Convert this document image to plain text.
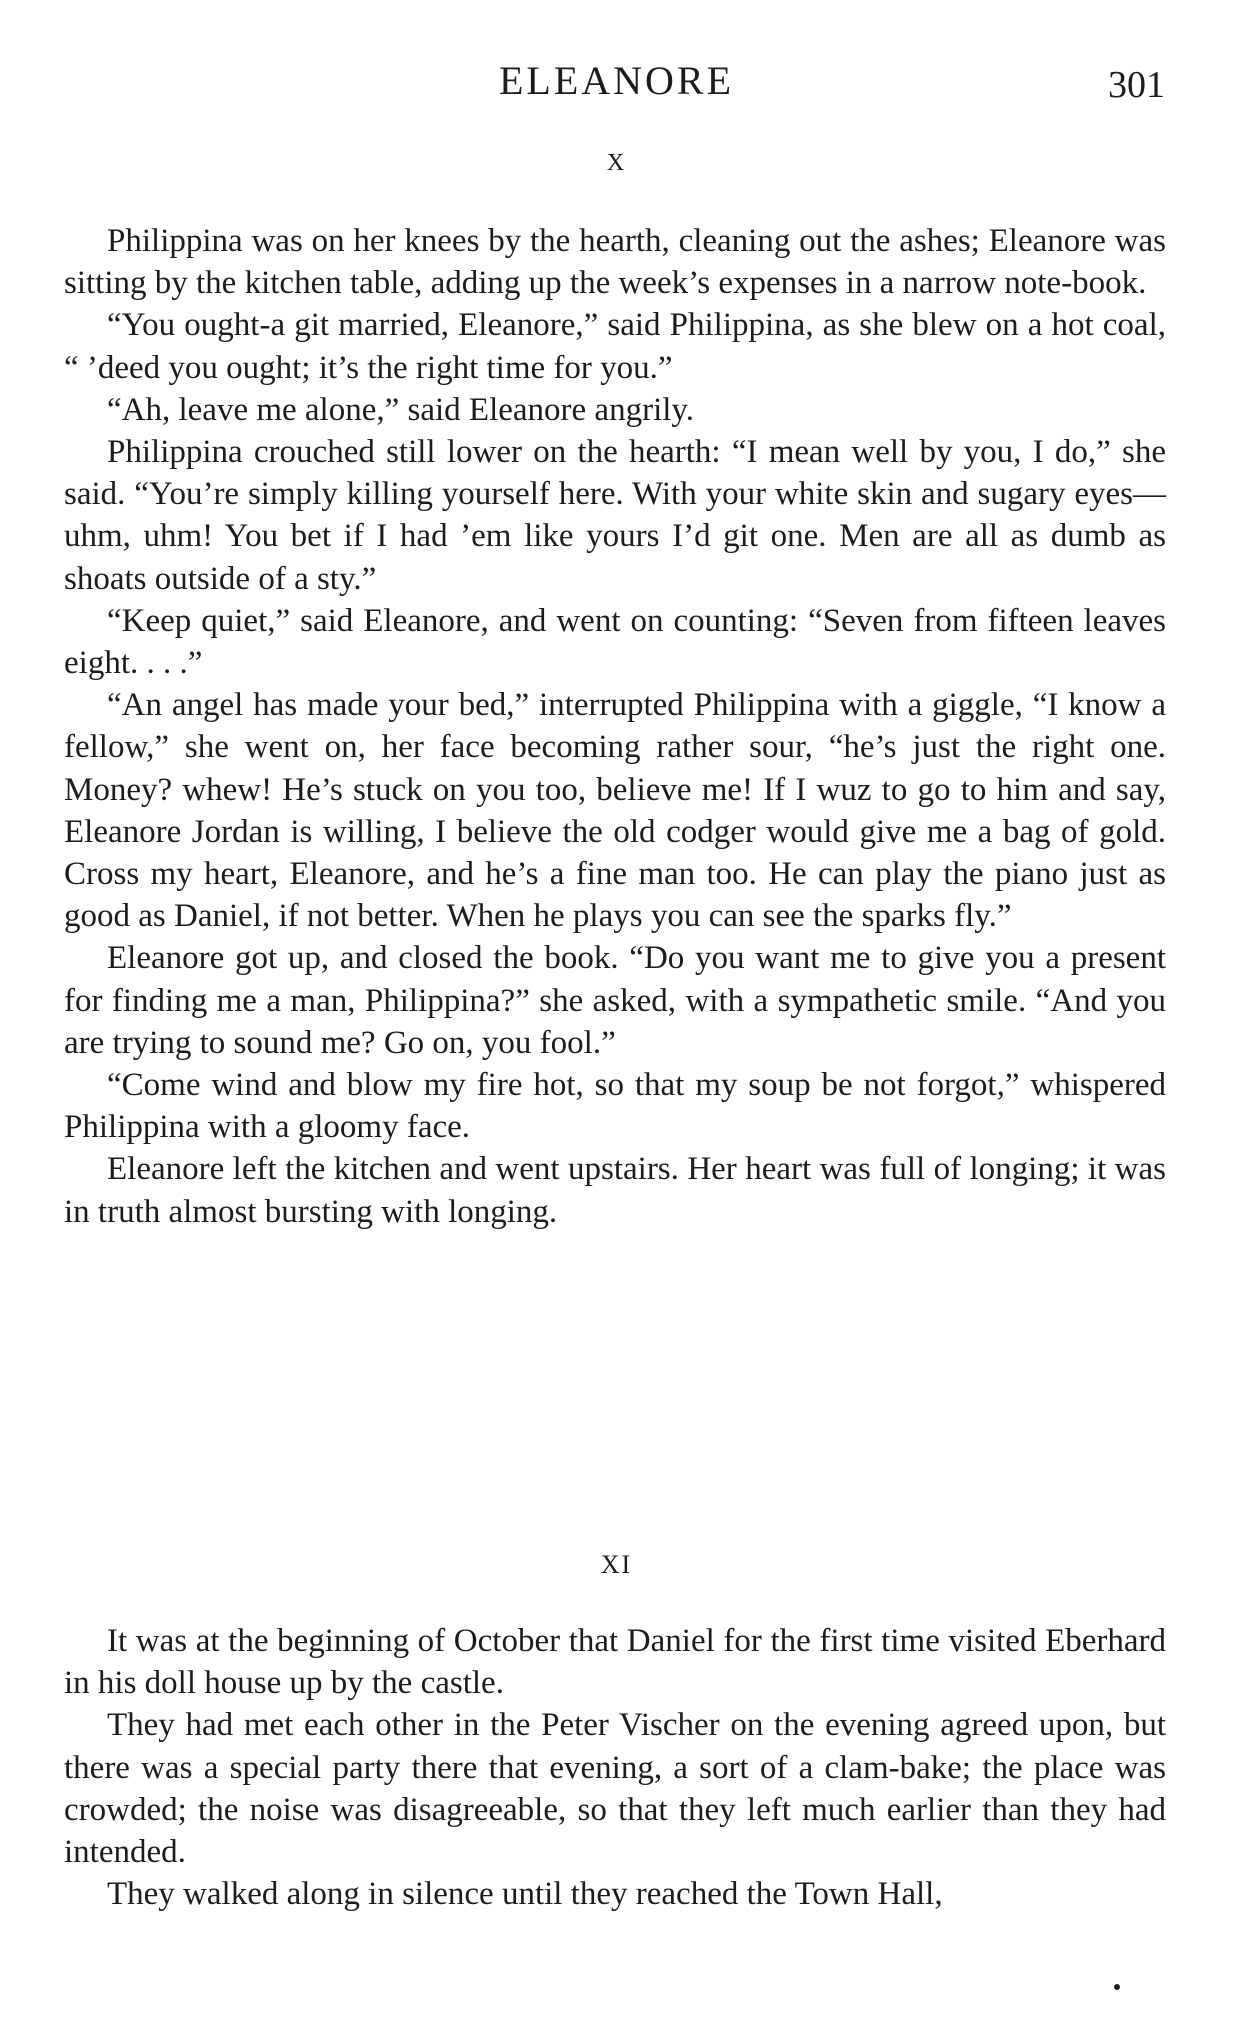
ELEANORE	301
X

Philippina was on her knees by the hearth, cleaning out the ashes; Eleanore was sitting by the kitchen table, adding up the week’s expenses in a narrow note-book.

“You ought-a git married, Eleanore,” said Philippina, as she blew on a hot coal, “ ’deed you ought; it’s the right time for you.”

“Ah, leave me alone,” said Eleanore angrily.

Philippina crouched still lower on the hearth: “I mean well by you, I do,” she said. “You’re simply killing yourself here. With your white skin and sugary eyes—uhm, uhm! You bet if I had ’em like yours I’d git one. Men are all as dumb as shoats outside of a sty.”

“Keep quiet,” said Eleanore, and went on counting: “Seven from fifteen leaves eight. . . .”

“An angel has made your bed,” interrupted Philippina with a giggle, “I know a fellow,” she went on, her face becoming rather sour, “he’s just the right one. Money? whew! He’s stuck on you too, believe me! If I wuz to go to him and say, Eleanore Jordan is willing, I believe the old codger would give me a bag of gold. Cross my heart, Eleanore, and he’s a fine man too. He can play the piano just as good as Daniel, if not better. When he plays you can see the sparks fly.”

Eleanore got up, and closed the book. “Do you want me to give you a present for finding me a man, Philippina?” she asked, with a sympathetic smile. “And you are trying to sound me? Go on, you fool.”

“Come wind and blow my fire hot, so that my soup be not forgot,” whispered Philippina with a gloomy face.

Eleanore left the kitchen and went upstairs. Her heart was full of longing; it was in truth almost bursting with longing.

XI

It was at the beginning of October that Daniel for the first time visited Eberhard in his doll house up by the castle.

They had met each other in the Peter Vischer on the evening agreed upon, but there was a special party there that evening, a sort of a clam-bake; the place was crowded; the noise was disagreeable, so that they left much earlier than they had intended.

They walked along in silence until they reached the Town Hall,
